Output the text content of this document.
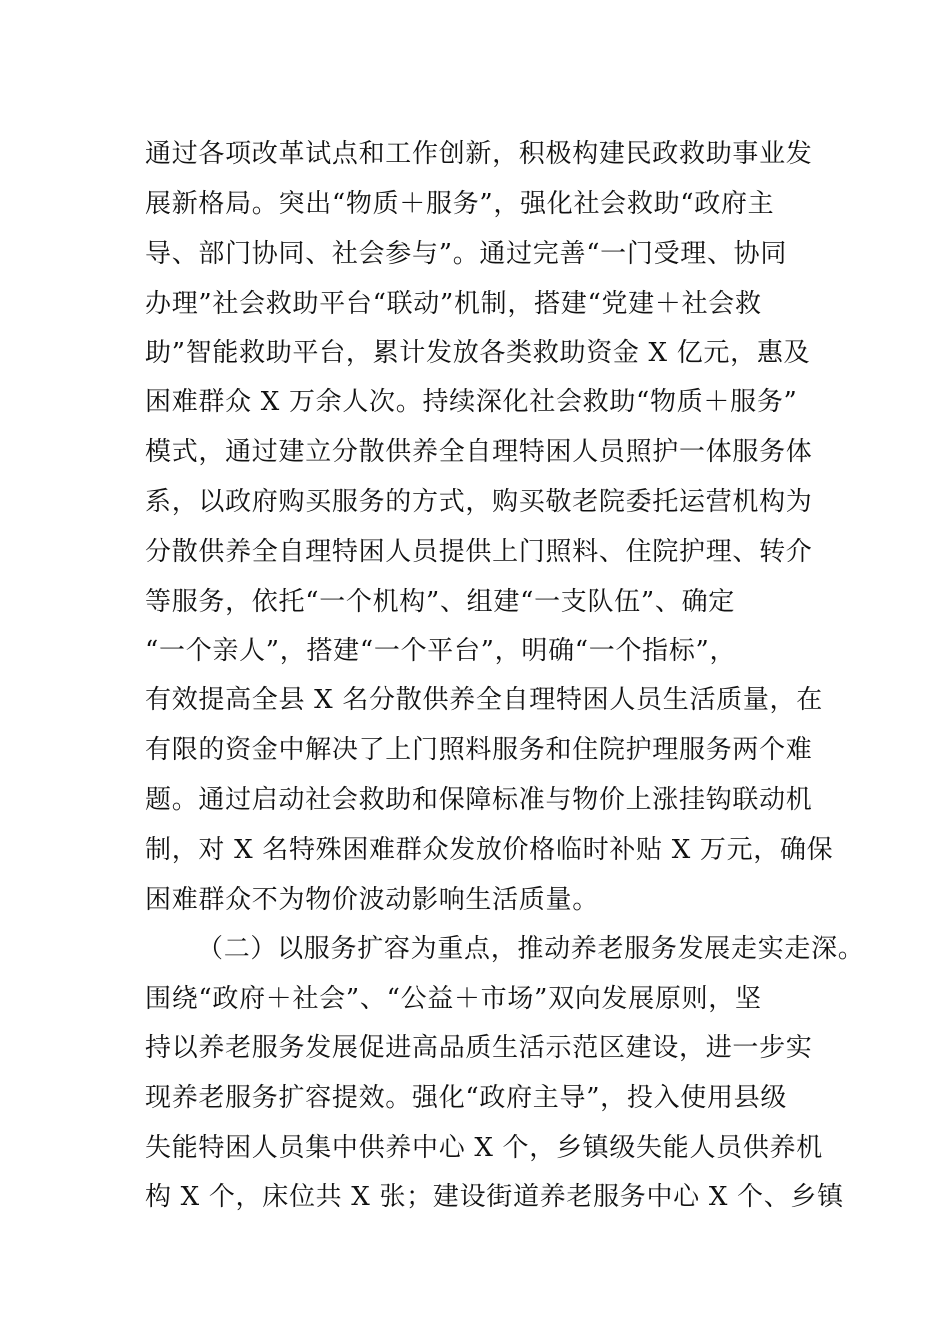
通过各项改革试点和工作创新，积极构建民政救助事业发
展新格局。突出“物质＋服务”，强化社会救助“政府主
导、部门协同、社会参与”。通过完善“一门受理、协同
办理”社会救助平台“联动”机制，搭建“党建＋社会救
助”智能救助平台，累计发放各类救助资金 X 亿元，惠及
困难群众 X 万余人次。持续深化社会救助“物质＋服务”
模式，通过建立分散供养全自理特困人员照护一体服务体
系，以政府购买服务的方式，购买敬老院委托运营机构为
分散供养全自理特困人员提供上门照料、住院护理、转介
等服务，依托“一个机构”、组建“一支队伍”、确定
“一个亲人”，搭建“一个平台”，明确“一个指标”，
有效提高全县 X 名分散供养全自理特困人员生活质量，在
有限的资金中解决了上门照料服务和住院护理服务两个难
题。通过启动社会救助和保障标准与物价上涨挂钩联动机
制，对 X 名特殊困难群众发放价格临时补贴 X 万元，确保
困难群众不为物价波动影响生活质量。
（二）以服务扩容为重点，推动养老服务发展走实走深。
围绕“政府＋社会”、“公益＋市场”双向发展原则，坚
持以养老服务发展促进高品质生活示范区建设，进一步实
现养老服务扩容提效。强化“政府主导”，投入使用县级
失能特困人员集中供养中心 X 个，乡镇级失能人员供养机
构 X 个，床位共 X 张；建设街道养老服务中心 X 个、乡镇
